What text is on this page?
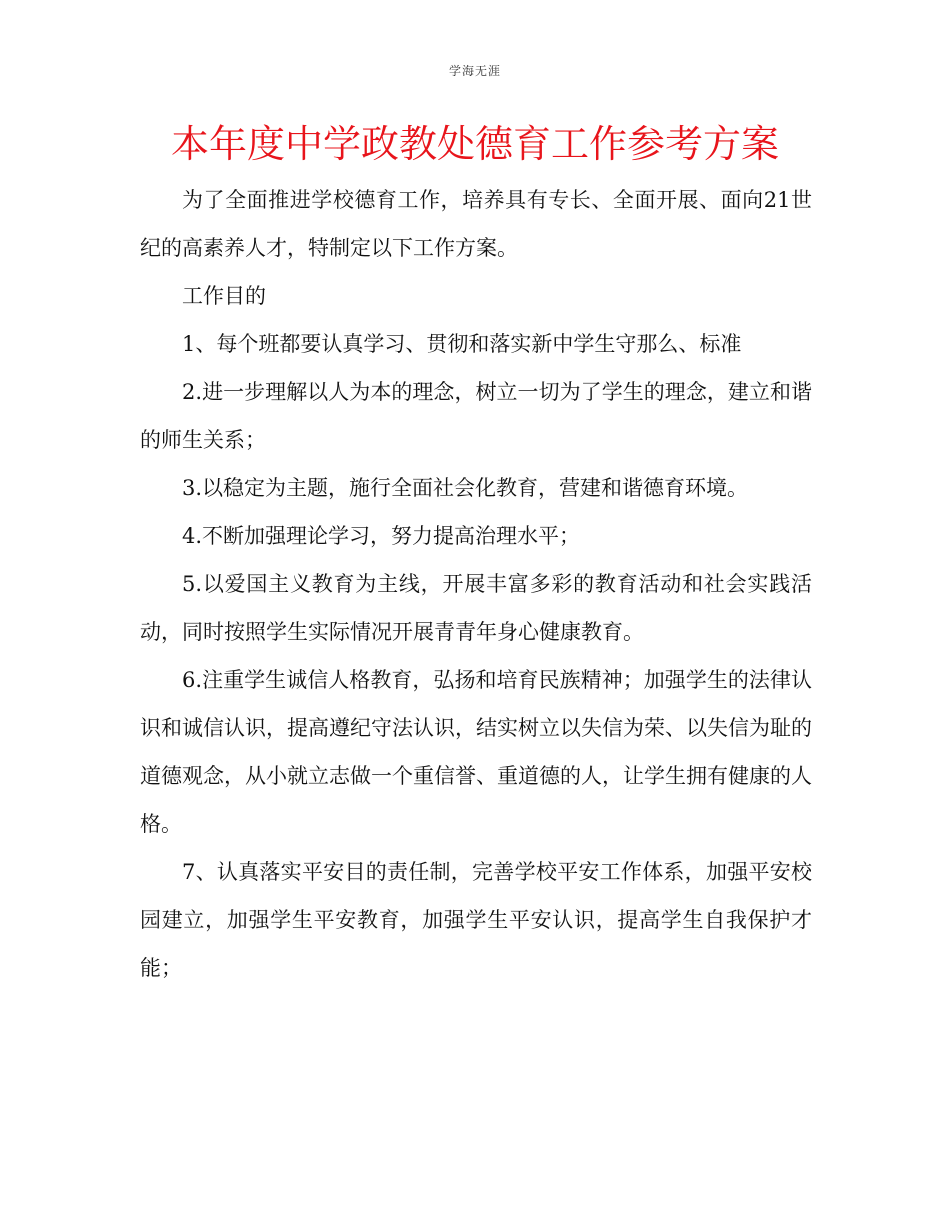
学海无涯
本年度中学政教处德育工作参考方案

为了全面推进学校德育工作，培养具有专长、全面开展、面向21世纪的高素养人才，特制定以下工作方案。

工作目的

1、每个班都要认真学习、贯彻和落实新中学生守那么、标准

2.进一步理解以人为本的理念，树立一切为了学生的理念，建立和谐的师生关系；

3.以稳定为主题，施行全面社会化教育，营建和谐德育环境。

4.不断加强理论学习，努力提高治理水平；

5.以爱国主义教育为主线，开展丰富多彩的教育活动和社会实践活动，同时按照学生实际情况开展青青年身心健康教育。

6.注重学生诚信人格教育，弘扬和培育民族精神；加强学生的法律认识和诚信认识，提高遵纪守法认识，结实树立以失信为荣、以失信为耻的道德观念，从小就立志做一个重信誉、重道德的人，让学生拥有健康的人格。

7、认真落实平安目的责任制，完善学校平安工作体系，加强平安校园建立，加强学生平安教育，加强学生平安认识，提高学生自我保护才能；
